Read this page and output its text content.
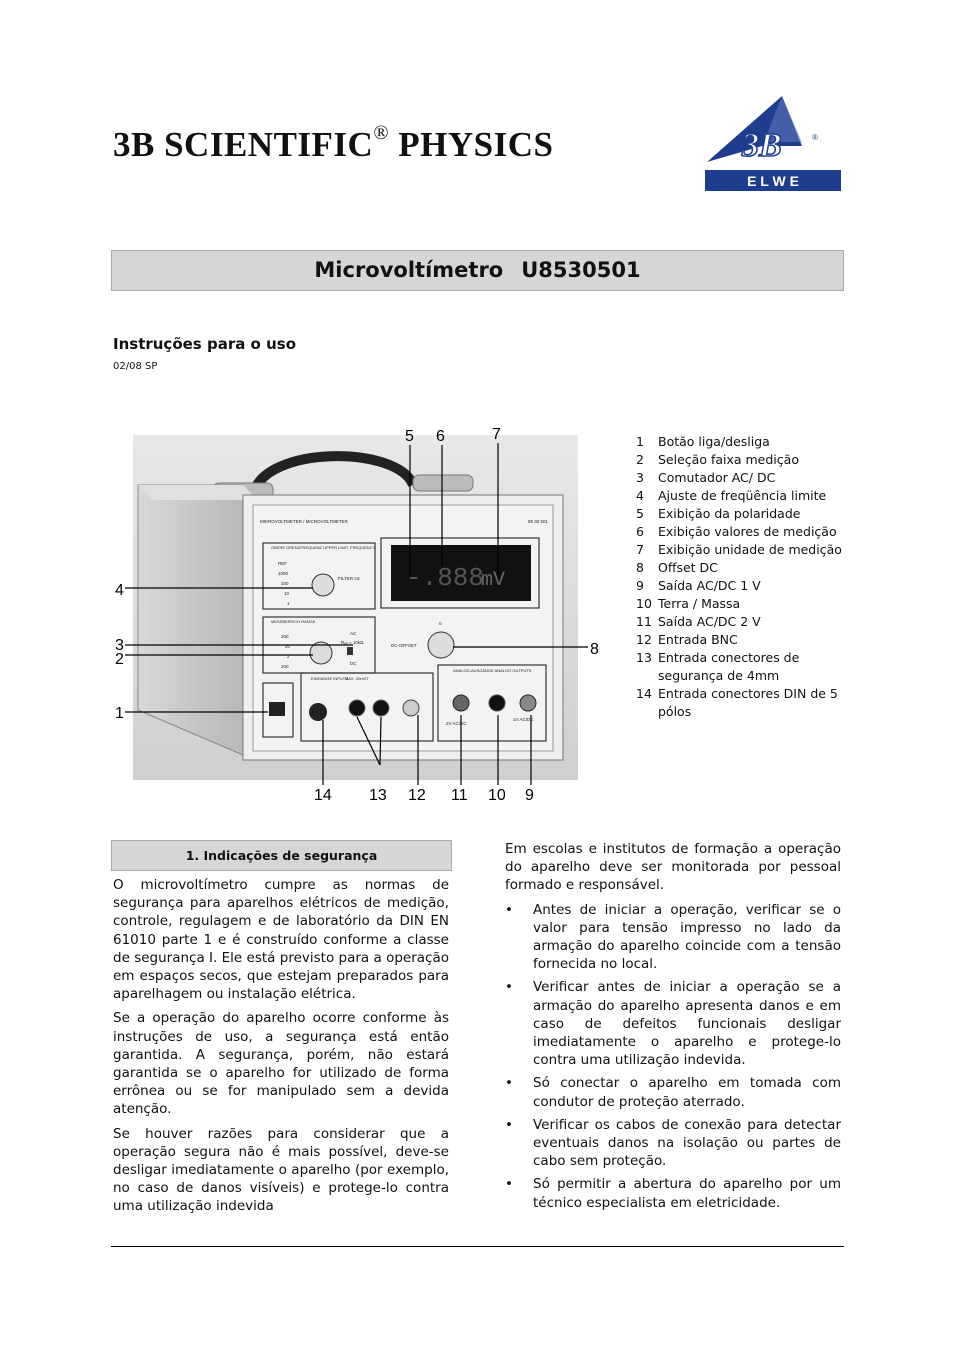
3B SCIENTIFIC® PHYSICS	3B	®
E L W E
Microvoltímetro U8530501
Instruções para o uso
02/08 SP
MIKROVOLTMETER / MICROVOLTMETER	85 30 501
OBERE GRENZFREQUENZ UPPER LIMIT. FREQUENCY
REF
1000
100
10
1
FILTER Hz
MESSBEREICH RANGE
200
20
2
200
AC
Rₑₙ = 10kΩ
DC
-.888
mV
DC-OFFSET
0
EINGÄNGE INPUTS
MAX. 20mVT
ANALOG-AUSGÄNGE ANALOG OUTPUTS
2V AC/DC
1V AC/DC
4
3
2
1
5 6	7
8
9
10
11
12
13
14
1	Botão liga/desliga
2	Seleção faixa medição
3	Comutador AC/ DC
4	Ajuste de freqüência limite
5	Exibição da polaridade
6	Exibição valores de medição
7	Exibição unidade de medição
8	Offset DC
9	Saída AC/DC 1 V
10 Terra / Massa
11 Saída AC/DC 2 V
12 Entrada BNC
13 Entrada conectores de segurança de 4mm
14 Entrada conectores DIN de 5 pólos
1. Indicações de segurança

O microvoltímetro cumpre as normas de segurança para aparelhos elétricos de medição, controle, regulagem e de laboratório da DIN EN 61010 parte 1 e é construído conforme a classe de segurança I. Ele está previsto para a operação em espaços secos, que estejam preparados para aparelhagem ou instalação elétrica.

Se a operação do aparelho ocorre conforme às instruções de uso, a segurança está então garantida. A segurança, porém, não estará garantida se o aparelho for utilizado de forma errônea ou se for manipulado sem a devida atenção.

Se houver razões para considerar que a operação segura não é mais possível, deve-se desligar imediatamente o aparelho (por exemplo, no caso de danos visíveis) e protege-lo contra uma utilização indevida

Em escolas e institutos de formação a operação do aparelho deve ser monitorada por pessoal formado e responsável.

• Antes de iniciar a operação, verificar se o valor para tensão impresso no lado da armação do aparelho coincide com a tensão fornecida no local.
• Verificar antes de iniciar a operação se a armação do aparelho apresenta danos e em caso de defeitos funcionais desligar imediatamente o aparelho e protege-lo contra uma utilização indevida.
• Só conectar o aparelho em tomada com condutor de proteção aterrado.
• Verificar os cabos de conexão para detectar eventuais danos na isolação ou partes de cabo sem proteção.
• Só permitir a abertura do aparelho por um técnico especialista em eletricidade.
